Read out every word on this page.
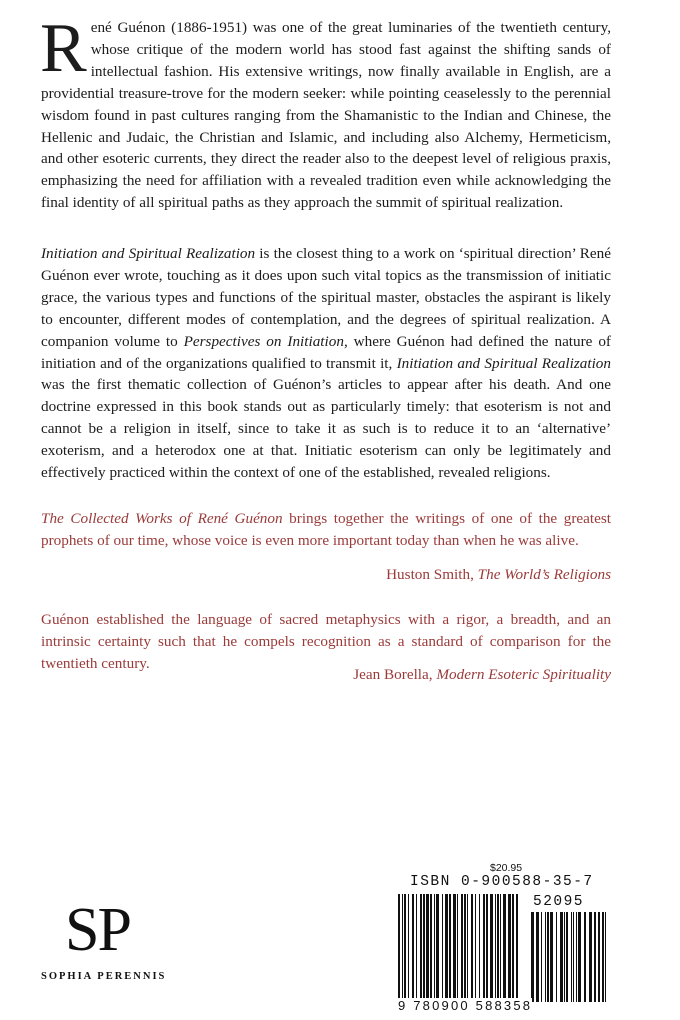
René Guénon (1886-1951) was one of the great luminaries of the twentieth century, whose critique of the modern world has stood fast against the shifting sands of intellectual fashion. His extensive writings, now finally available in English, are a providential treasure-trove for the modern seeker: while pointing ceaselessly to the perennial wisdom found in past cultures ranging from the Shamanistic to the Indian and Chinese, the Hellenic and Judaic, the Christian and Islamic, and including also Alchemy, Hermeticism, and other esoteric currents, they direct the reader also to the deepest level of religious praxis, emphasizing the need for affiliation with a revealed tradition even while acknowledging the final identity of all spiritual paths as they approach the summit of spiritual realization.

Initiation and Spiritual Realization is the closest thing to a work on ‘spiritual direction’ René Guénon ever wrote, touching as it does upon such vital topics as the transmission of initiatic grace, the various types and functions of the spiritual master, obstacles the aspirant is likely to encounter, different modes of contemplation, and the degrees of spiritual realization. A companion volume to Perspectives on Initiation, where Guénon had defined the nature of initiation and of the organizations qualified to transmit it, Initiation and Spiritual Realization was the first thematic collection of Guénon’s articles to appear after his death. And one doctrine expressed in this book stands out as particularly timely: that esoterism is not and cannot be a religion in itself, since to take it as such is to reduce it to an ‘alternative’ exoterism, and a heterodox one at that. Initiatic esoterism can only be legitimately and effectively practiced within the context of one of the established, revealed religions.

The Collected Works of René Guénon brings together the writings of one of the greatest prophets of our time, whose voice is even more important today than when he was alive.

Huston Smith, The World’s Religions

Guénon established the language of sacred metaphysics with a rigor, a breadth, and an intrinsic certainty such that he compels recognition as a standard of comparison for the twentieth century.

Jean Borella, Modern Esoteric Spirituality

SP
SOPHIA PERENNIS
$20.95
ISBN 0-900588-35-7
52095
9 780900 588358
